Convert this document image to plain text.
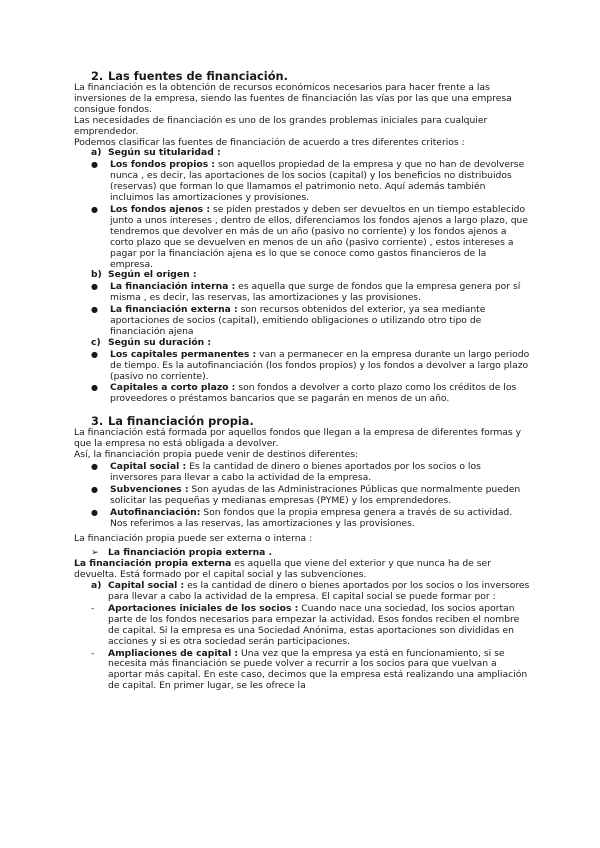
2. Las fuentes de financiación.

La financiación es la obtención de recursos económicos necesarios para hacer frente a las inversiones de la empresa, siendo las fuentes de financiación las vías por las que una empresa consigue fondos.

Las necesidades de financiación es uno de los grandes problemas iniciales para cualquier emprendedor.

Podemos clasificar las fuentes de financiación de acuerdo a tres diferentes criterios :

a) Según su titularidad :
● Los fondos propios : son aquellos propiedad de la empresa y que no han de devolverse nunca , es decir, las aportaciones de los socios (capital) y los beneficios no distribuidos (reservas) que forman lo que llamamos el patrimonio neto. Aquí además también incluimos las amortizaciones y provisiones.
● Los fondos ajenos : se piden prestados y deben ser devueltos en un tiempo establecido junto a unos intereses , dentro de ellos, diferenciamos los fondos ajenos a largo plazo, que tendremos que devolver en más de un año (pasivo no corriente) y los fondos ajenos a corto plazo que se devuelven en menos de un año (pasivo corriente) , estos intereses a pagar por la financiación ajena es lo que se conoce como gastos financieros de la empresa.
b) Según el origen :
● La financiación interna : es aquella que surge de fondos que la empresa genera por sí misma , es decir, las reservas, las amortizaciones y las provisiones.
● La financiación externa : son recursos obtenidos del exterior, ya sea mediante aportaciones de socios (capital), emitiendo obligaciones o utilizando otro tipo de financiación ajena
c) Según su duración :
● Los capitales permanentes : van a permanecer en la empresa durante un largo periodo de tiempo. Es la autofinanciación (los fondos propios) y los fondos a devolver a largo plazo (pasivo no corriente).
● Capitales a corto plazo : son fondos a devolver a corto plazo como los créditos de los proveedores o préstamos bancarios que se pagarán en menos de un año.
3. La financiación propia.

La financiación está formada por aquellos fondos que llegan a la empresa de diferentes formas y que la empresa no está obligada a devolver.

Así, la financiación propia puede venir de destinos diferentes:

● Capital social : Es la cantidad de dinero o bienes aportados por los socios o los inversores para llevar a cabo la actividad de la empresa.
● Subvenciones : Son ayudas de las Administraciones Públicas que normalmente pueden solicitar las pequeñas y medianas empresas (PYME) y los emprendedores.
● Autofinanciación: Son fondos que la propia empresa genera a través de su actividad. Nos referimos a las reservas, las amortizaciones y las provisiones.

La financiación propia puede ser externa o interna :

➢ La financiación propia externa .

La financiación propia externa es aquella que viene del exterior y que nunca ha de ser devuelta. Está formado por el capital social y las subvenciones.

a) Capital social : es la cantidad de dinero o bienes aportados por los socios o los inversores para llevar a cabo la actividad de la empresa. El capital social se puede formar por :
- Aportaciones iniciales de los socios : Cuando nace una sociedad, los socios aportan parte de los fondos necesarios para empezar la actividad. Esos fondos reciben el nombre de capital. Si la empresa es una Sociedad Anónima, estas aportaciones son divididas en acciones y si es otra sociedad serán participaciones.
- Ampliaciones de capital : Una vez que la empresa ya está en funcionamiento, si se necesita más financiación se puede volver a recurrir a los socios para que vuelvan a aportar más capital. En este caso, decimos que la empresa está realizando una ampliación de capital. En primer lugar, se les ofrece la
